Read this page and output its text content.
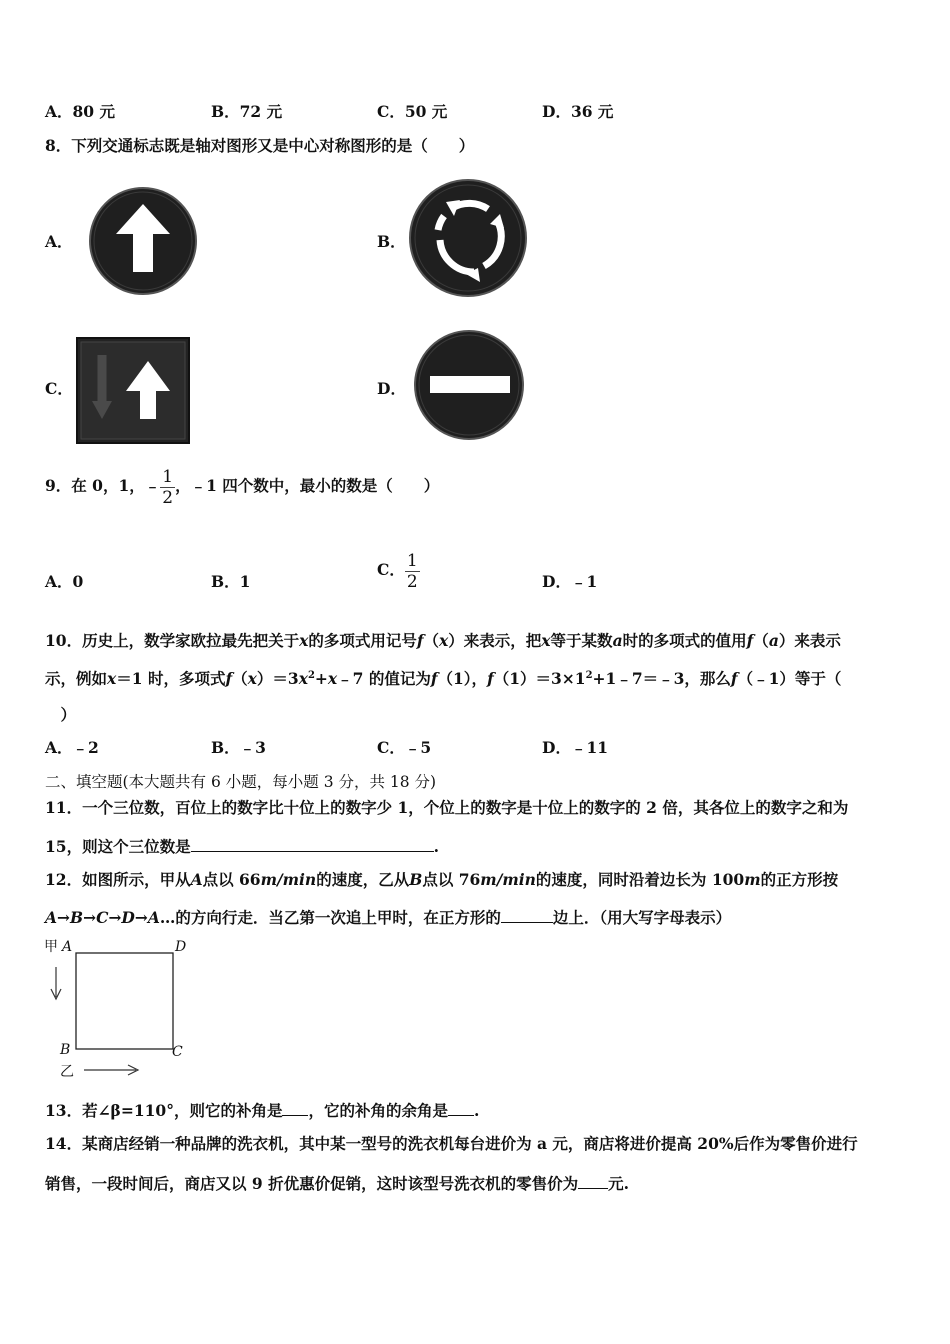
A．80 元	B．72 元	C．50 元	D．36 元
8．下列交通标志既是轴对图形又是中心对称图形的是（　　）
A．	B．
C．	D．
9．在 0，1，﹣ $\frac{1}{2}$ ，﹣1 四个数中，最小的数是（　　）
A．0	B．1
C． $\frac{1}{2}$	D．﹣1
10．历史上，数学家欧拉最先把关于x的多项式用记号f（x）来表示，把x等于某数a时的多项式的值用f（a）来表示
示，例如x＝1 时，多项式$f(x)=3x^2+x﹣7$ 的值记为f（1），$f(1)=3\times 1^2+1﹣7=﹣3$，那么f（﹣1）等于（
　）
A．﹣2	B．﹣3	C．﹣5	D．﹣11
二、填空题(本大题共有 6 小题，每小题 3 分，共 18 分)
11．一个三位数，百位上的数字比十位上的数字少 1，个位上的数字是十位上的数字的 2 倍，其各位上的数字之和为
15，则这个三位数是	.
12．如图所示，甲从A点以 66m/min的速度，乙从B点以 76m/min的速度，同时沿着边长为 100m的正方形按
A→B→C→D→A…的方向行走．当乙第一次追上甲时，在正方形的	边上．（用大写字母表示）
甲 A	D
B	C
乙
13．若∠β=110°，则它的补角是 ，它的补角的余角是 .
14．某商店经销一种品牌的洗衣机，其中某一型号的洗衣机每台进价为 a 元，商店将进价提高 20%后作为零售价进行
销售，一段时间后，商店又以 9 折优惠价促销，这时该型号洗衣机的零售价为 元.
